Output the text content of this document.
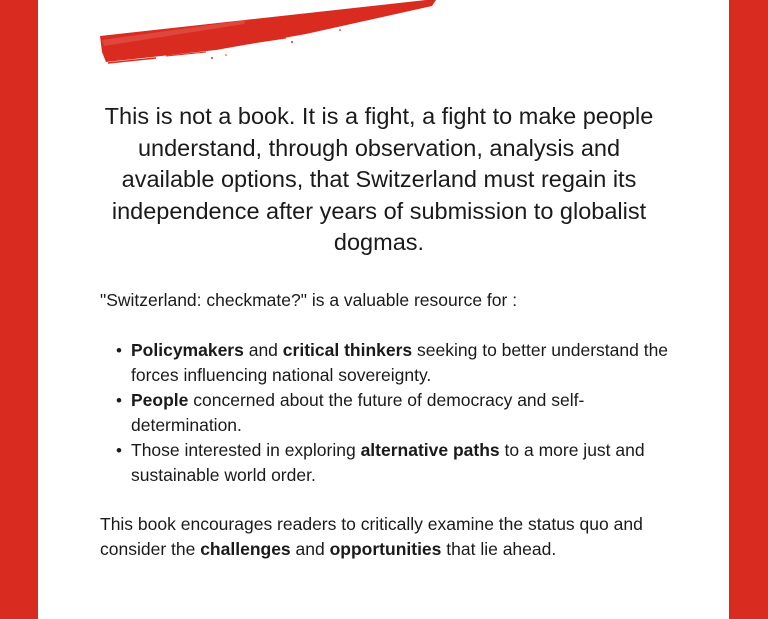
This is not a book. It is a fight, a fight to make people understand, through observation, analysis and available options, that Switzerland must regain its independence after years of submission to globalist dogmas.

"Switzerland: checkmate?" is a valuable resource for :

• Policymakers and critical thinkers seeking to better understand the forces influencing national sovereignty.
• People concerned about the future of democracy and self-determination.
• Those interested in exploring alternative paths to a more just and sustainable world order.

This book encourages readers to critically examine the status quo and consider the challenges and opportunities that lie ahead.
